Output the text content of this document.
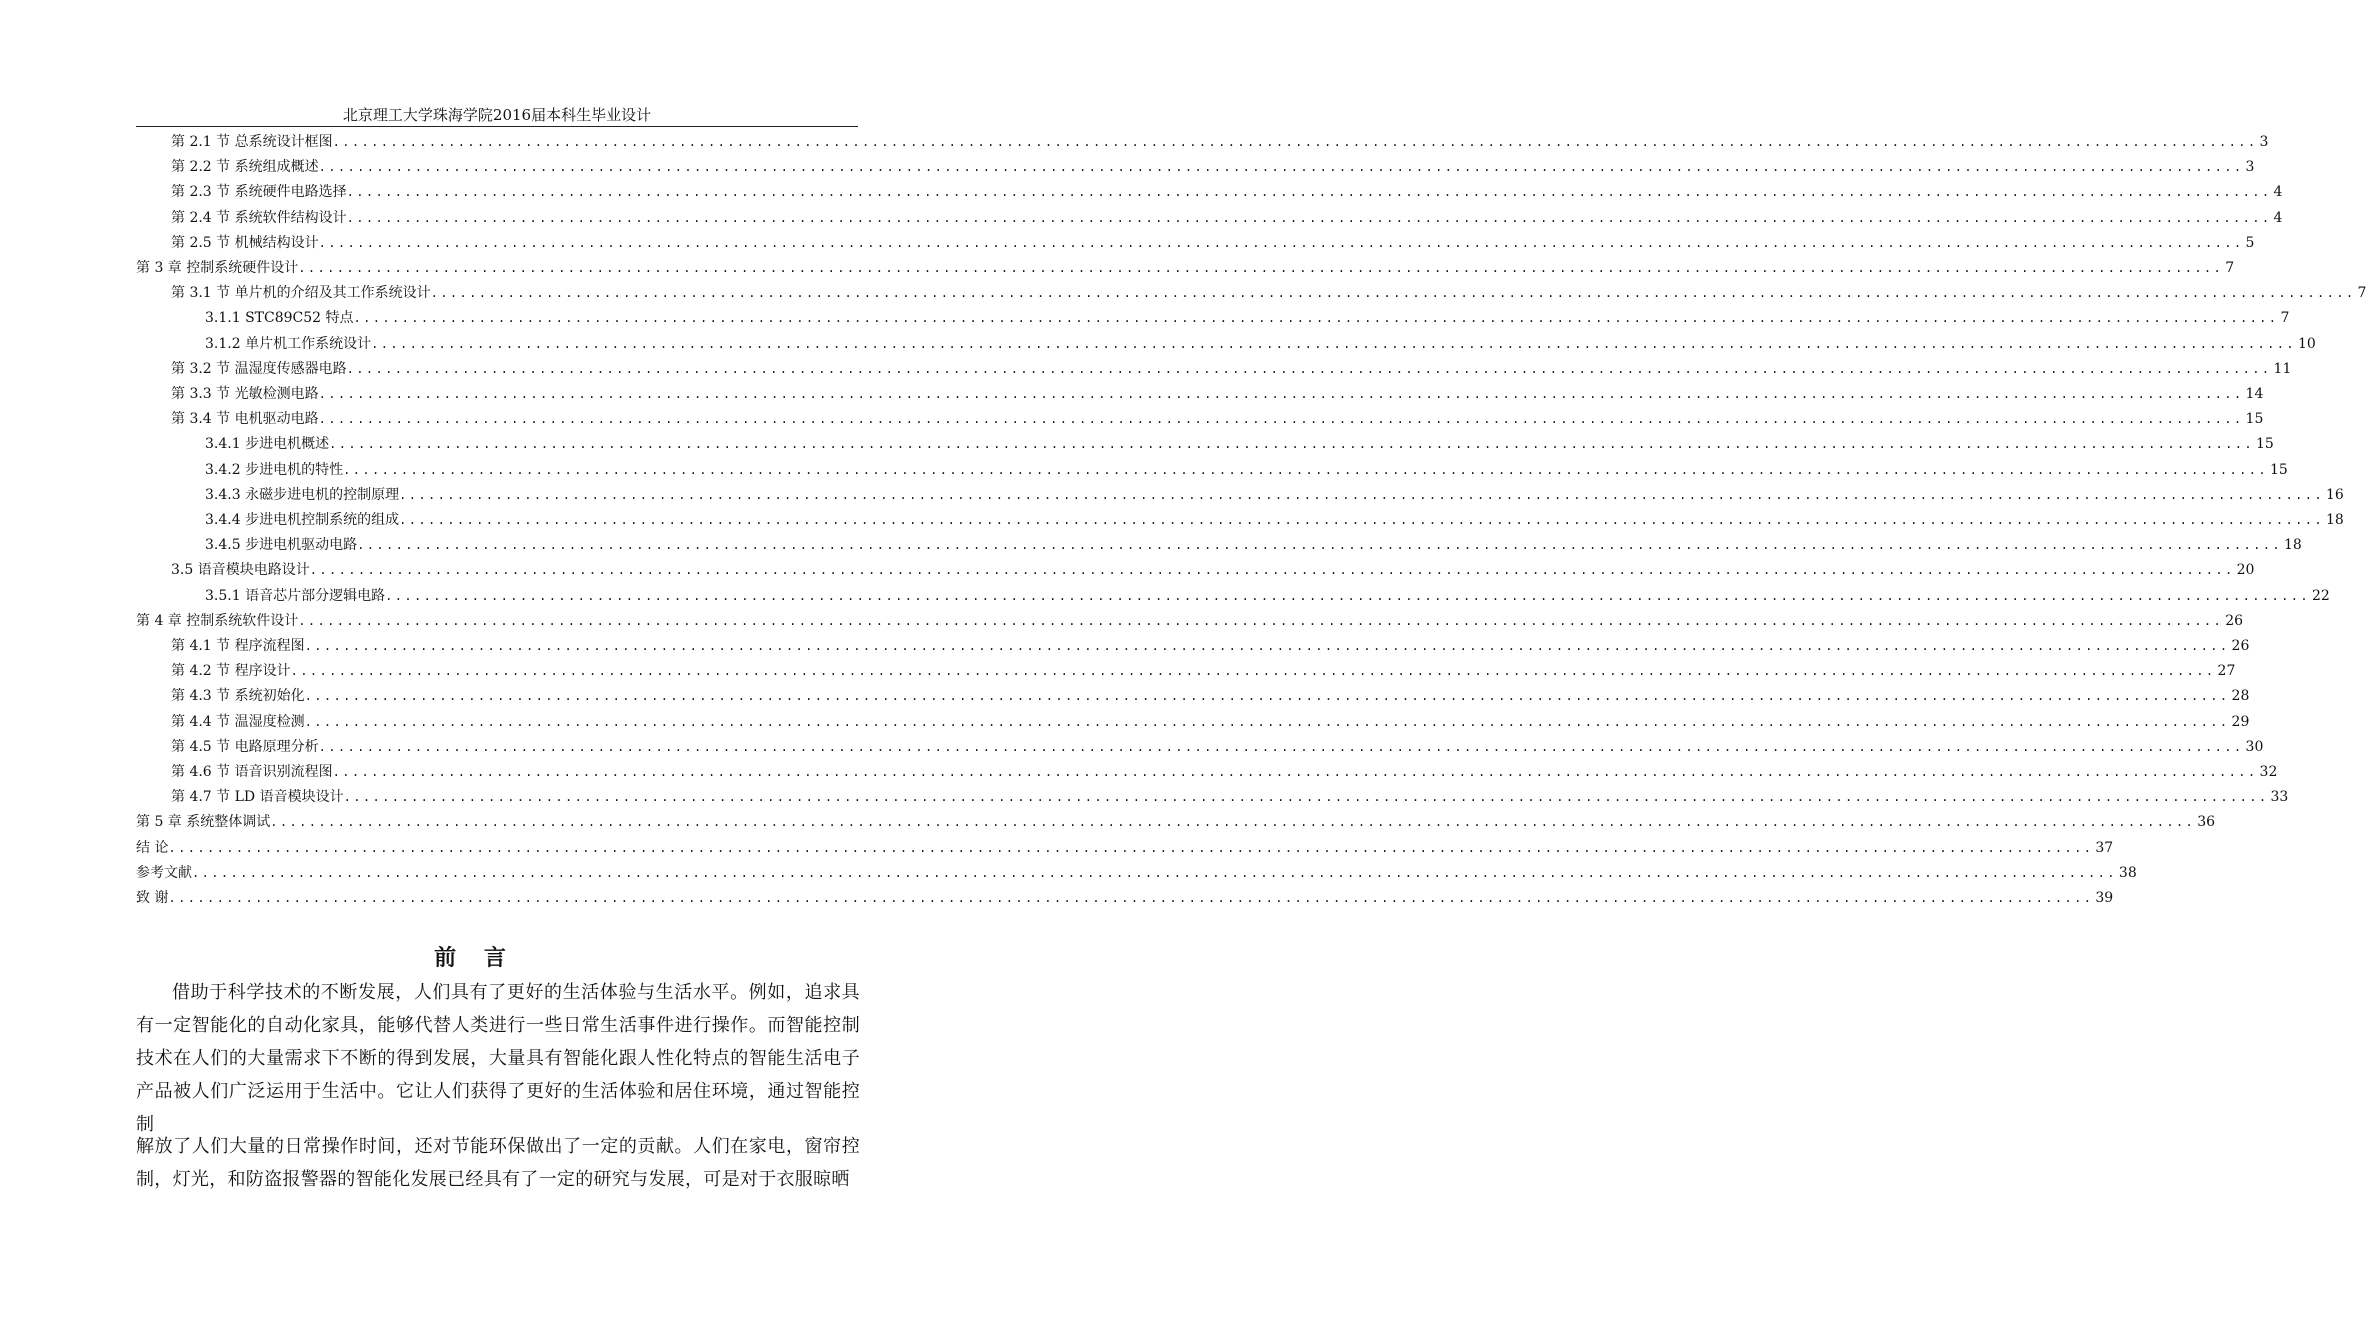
北京理工大学珠海学院2016届本科生毕业设计
第 2.1 节 总系统设计框图 ........................................................................................................................................................................................................ 3
第 2.2 节 系统组成概述 ........................................................................................................................................................................................................ 3
第 2.3 节 系统硬件电路选择 ........................................................................................................................................................................................................ 4
第 2.4 节 系统软件结构设计 ........................................................................................................................................................................................................ 4
第 2.5 节 机械结构设计 ........................................................................................................................................................................................................ 5
第 3 章 控制系统硬件设计 ........................................................................................................................................................................................................ 7
第 3.1 节 单片机的介绍及其工作系统设计 ........................................................................................................................................................................................................ 7
3.1.1 STC89C52 特点 ........................................................................................................................................................................................................ 7
3.1.2 单片机工作系统设计 ........................................................................................................................................................................................................ 10
第 3.2 节 温湿度传感器电路 ........................................................................................................................................................................................................ 11
第 3.3 节 光敏检测电路 ........................................................................................................................................................................................................ 14
第 3.4 节 电机驱动电路 ........................................................................................................................................................................................................ 15
3.4.1 步进电机概述 ........................................................................................................................................................................................................ 15
3.4.2 步进电机的特性 ........................................................................................................................................................................................................ 15
3.4.3 永磁步进电机的控制原理 ........................................................................................................................................................................................................ 16
3.4.4 步进电机控制系统的组成 ........................................................................................................................................................................................................ 18
3.4.5 步进电机驱动电路 ........................................................................................................................................................................................................ 18
3.5 语音模块电路设计 ........................................................................................................................................................................................................ 20
3.5.1 语音芯片部分逻辑电路 ........................................................................................................................................................................................................ 22
第 4 章 控制系统软件设计 ........................................................................................................................................................................................................ 26
第 4.1 节 程序流程图 ........................................................................................................................................................................................................ 26
第 4.2 节 程序设计 ........................................................................................................................................................................................................ 27
第 4.3 节 系统初始化 ........................................................................................................................................................................................................ 28
第 4.4 节 温湿度检测 ........................................................................................................................................................................................................ 29
第 4.5 节 电路原理分析 ........................................................................................................................................................................................................ 30
第 4.6 节 语音识别流程图 ........................................................................................................................................................................................................ 32
第 4.7 节 LD 语音模块设计 ........................................................................................................................................................................................................ 33
第 5 章 系统整体调试 ........................................................................................................................................................................................................ 36
结 论 ........................................................................................................................................................................................................ 37
参考文献 ........................................................................................................................................................................................................ 38
致 谢 ........................................................................................................................................................................................................ 39
前 言
借助于科学技术的不断发展，人们具有了更好的生活体验与生活水平。例如，追求具有一定智能化的自动化家具，能够代替人类进行一些日常生活事件进行操作。而智能控制技术在人们的大量需求下不断的得到发展，大量具有智能化跟人性化特点的智能生活电子产品被人们广泛运用于生活中。它让人们获得了更好的生活体验和居住环境，通过智能控制
解放了人们大量的日常操作时间，还对节能环保做出了一定的贡献。人们在家电，窗帘控制，灯光，和防盗报警器的智能化发展已经具有了一定的研究与发展，可是对于衣服晾晒
